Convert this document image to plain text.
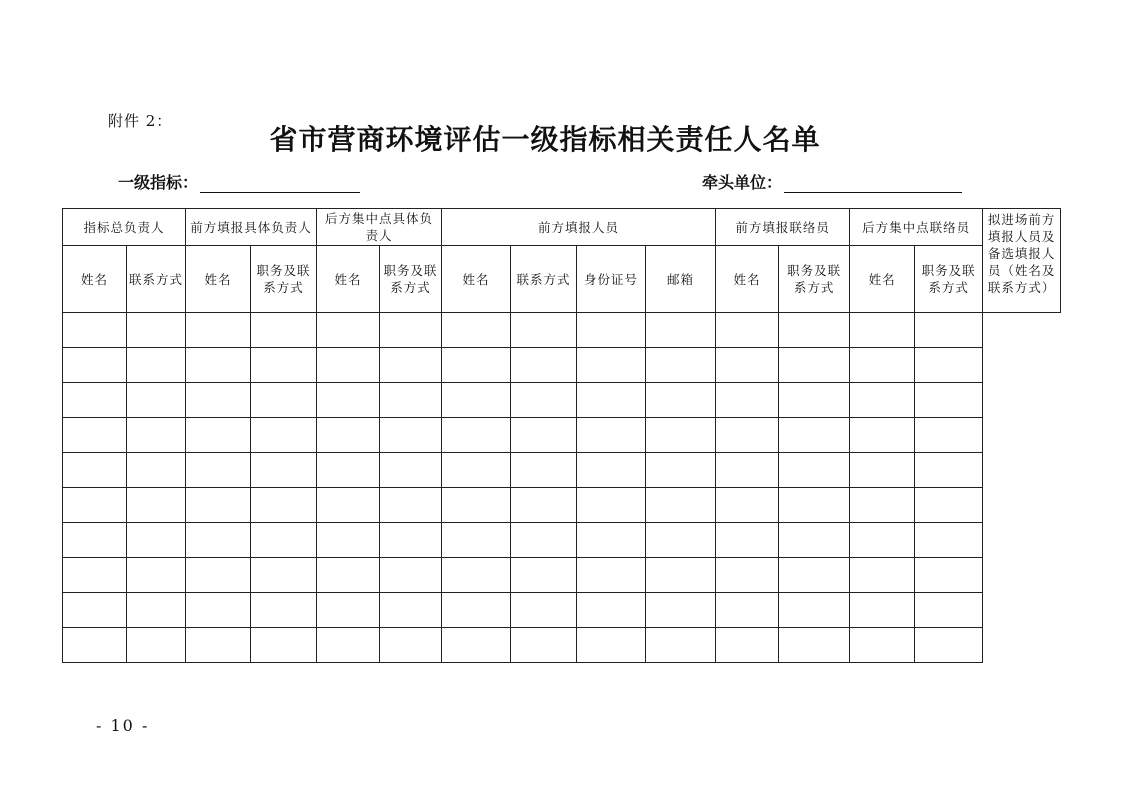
附件 2：
省市营商环境评估一级指标相关责任人名单
一级指标：	牵头单位：
指标总负责人		前方填报具体负责人		后方集中点具体负责人		前方填报人员				前方填报联络员		后方集中点联络员		拟进场前方填报人员及备选填报人员（姓名及联系方式）
姓名	联系方式	姓名	职务及联系方式	姓名	职务及联系方式	姓名	联系方式	身份证号	邮箱	姓名	职务及联系方式	姓名	职务及联系方式	

- 10 -
